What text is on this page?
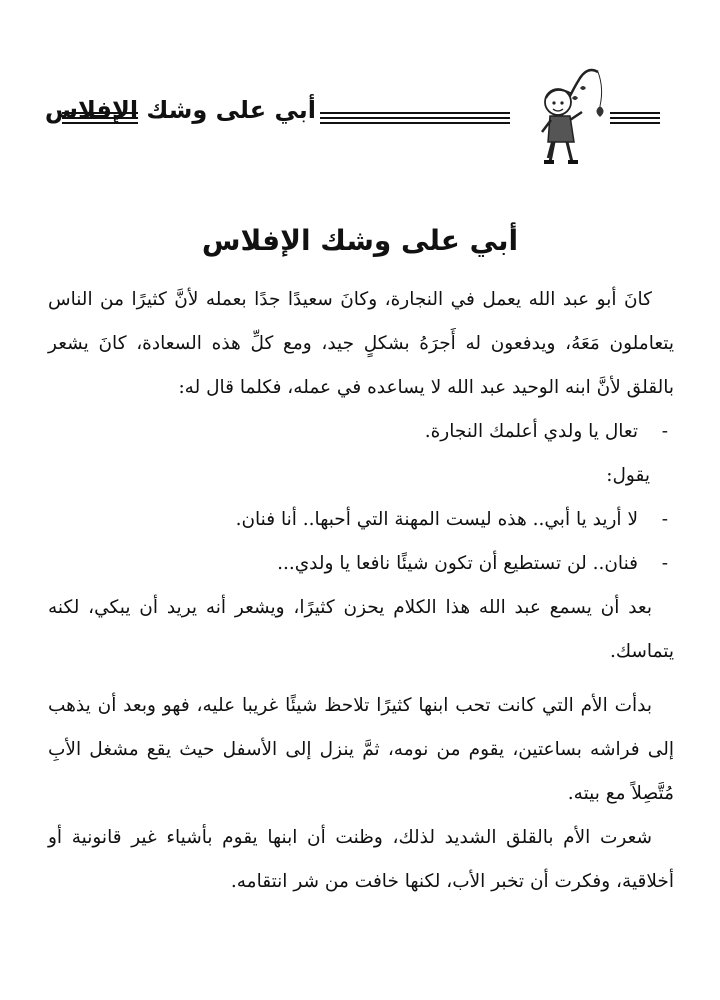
أبي على وشك الإفلاس
أبي على وشك الإفلاس

كانَ أبو عبد الله يعمل في النجارة، وكانَ سعيدًا جدًا بعمله لأنَّ كثيرًا من الناس يتعاملون مَعَهُ، ويدفعون له أَجرَهُ بشكلٍ جيد، ومع كلِّ هذه السعادة، كانَ يشعر بالقلق لأنَّ ابنه الوحيد عبد الله لا يساعده في عمله، فكلما قال له:

-
تعال يا ولدي أعلمك النجارة.

يقول:

-
لا أريد يا أبي.. هذه ليست المهنة التي أحبها.. أنا فنان.

-
فنان.. لن تستطيع أن تكون شيئًا نافعا يا ولدي...

بعد أن يسمع عبد الله هذا الكلام يحزن كثيرًا، ويشعر أنه يريد أن يبكي، لكنه يتماسك.

بدأت الأم التي كانت تحب ابنها كثيرًا تلاحظ شيئًا غريبا عليه، فهو وبعد أن يذهب إلى فراشه بساعتين، يقوم من نومه، ثمَّ ينزل إلى الأسفل حيث يقع مشغل الأبِ مُتَّصِلاً مع بيته.

شعرت الأم بالقلق الشديد لذلك، وظنت أن ابنها يقوم بأشياء غير قانونية أو أخلاقية، وفكرت أن تخبر الأب، لكنها خافت من شر انتقامه.
